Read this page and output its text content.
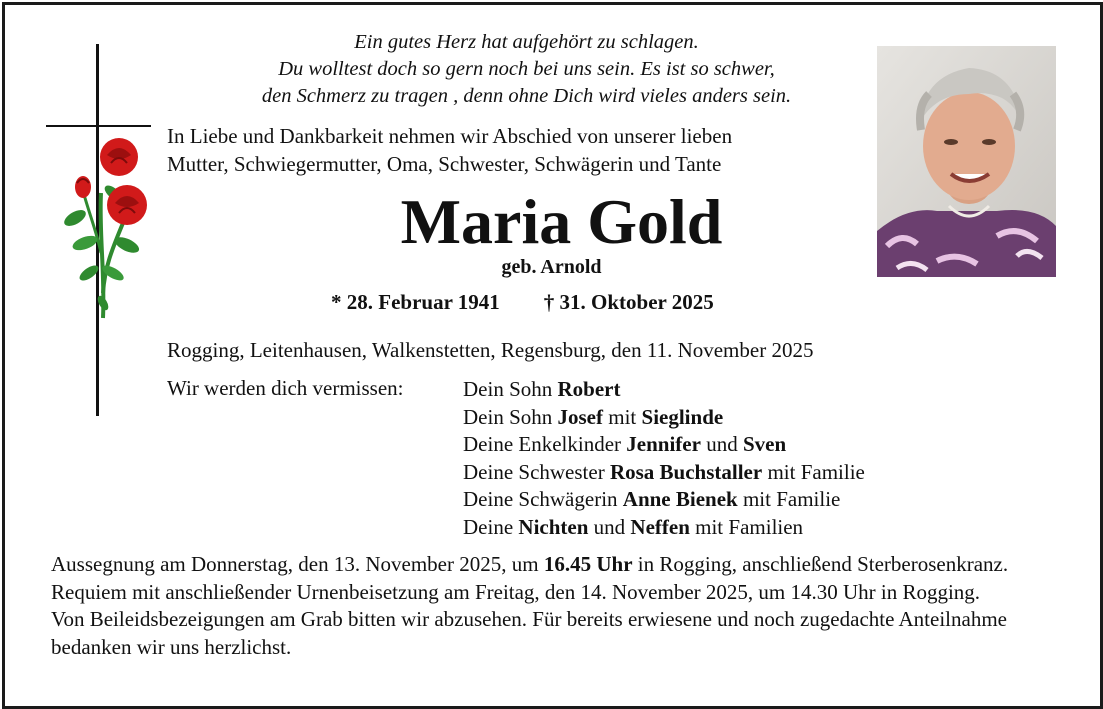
Ein gutes Herz hat aufgehört zu schlagen.
Du wolltest doch so gern noch bei uns sein. Es ist so schwer,
den Schmerz zu tragen , denn ohne Dich wird vieles anders sein.
In Liebe und Dankbarkeit nehmen wir Abschied von unserer lieben
Mutter, Schwiegermutter, Oma, Schwester, Schwägerin und Tante
Maria Gold
geb. Arnold
* 28. Februar 1941 † 31. Oktober 2025
Rogging, Leitenhausen, Walkenstetten, Regensburg, den 11. November 2025
Wir werden dich vermissen:	Dein Sohn Robert
Dein Sohn Josef mit Sieglinde
Deine Enkelkinder Jennifer und Sven
Deine Schwester Rosa Buchstaller mit Familie
Deine Schwägerin Anne Bienek mit Familie
Deine Nichten und Neffen mit Familien
Aussegnung am Donnerstag, den 13. November 2025, um 16.45 Uhr in Rogging, anschließend Sterberosenkranz. Requiem mit anschließender Urnenbeisetzung am Freitag, den 14. November 2025, um 14.30 Uhr in Rogging.
Von Beileidsbezeigungen am Grab bitten wir abzusehen. Für bereits erwiesene und noch zugedachte Anteilnahme bedanken wir uns herzlichst.
